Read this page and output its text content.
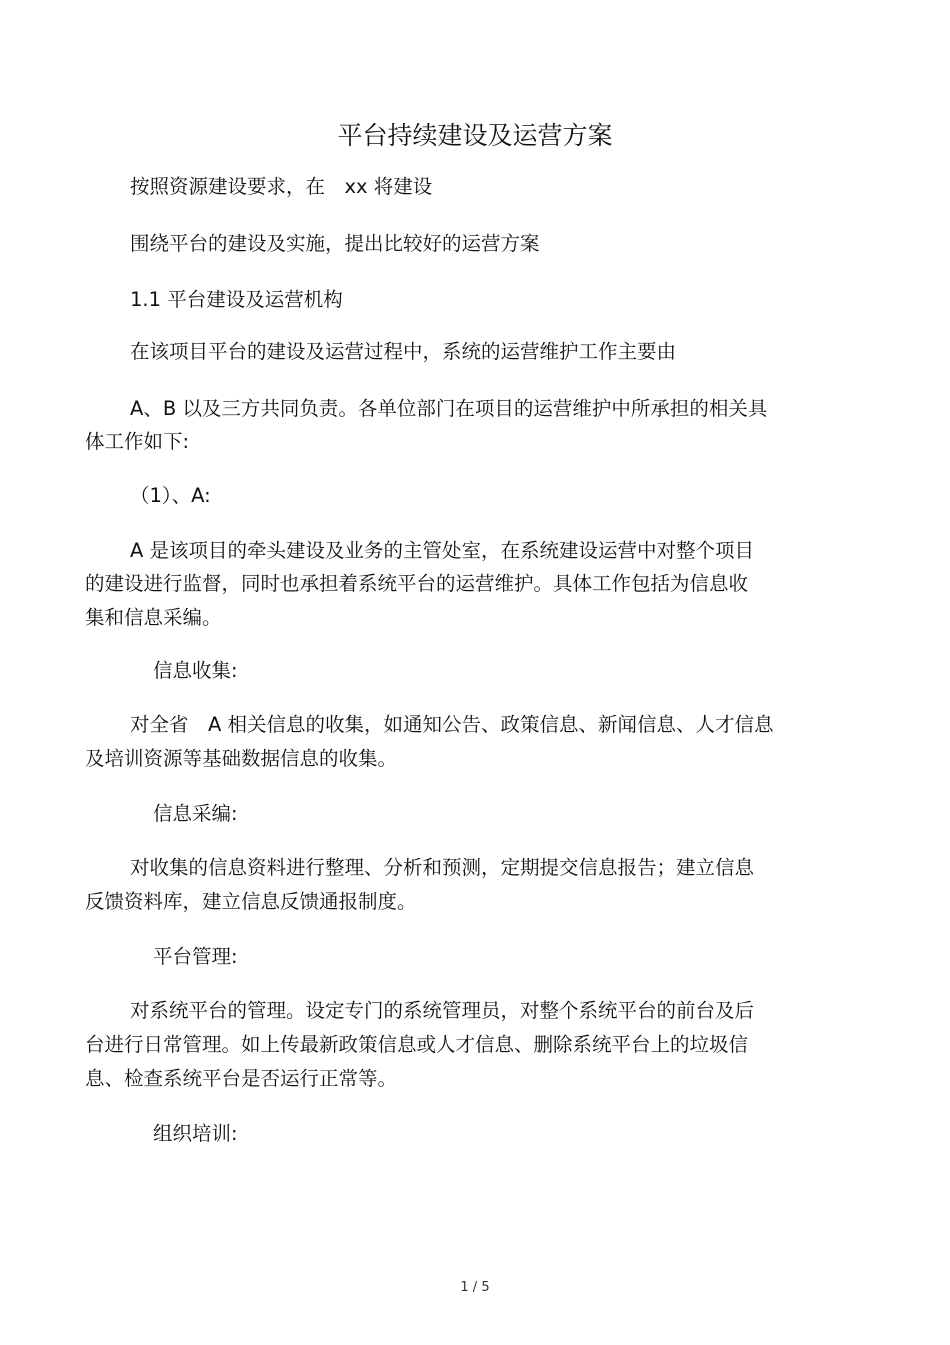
平台持续建设及运营方案

按照资源建设要求，在　xx 将建设

围绕平台的建设及实施，提出比较好的运营方案

1.1 平台建设及运营机构

在该项目平台的建设及运营过程中，系统的运营维护工作主要由

A、B 以及三方共同负责。各单位部门在项目的运营维护中所承担的相关具

体工作如下:

（1）、A:

A 是该项目的牵头建设及业务的主管处室，在系统建设运营中对整个项目

的建设进行监督，同时也承担着系统平台的运营维护。具体工作包括为信息收

集和信息采编。

信息收集:

对全省　A 相关信息的收集，如通知公告、政策信息、新闻信息、人才信息

及培训资源等基础数据信息的收集。

信息采编:

对收集的信息资料进行整理、分析和预测，定期提交信息报告；建立信息

反馈资料库，建立信息反馈通报制度。

平台管理:

对系统平台的管理。设定专门的系统管理员，对整个系统平台的前台及后

台进行日常管理。如上传最新政策信息或人才信息、删除系统平台上的垃圾信

息、检查系统平台是否运行正常等。

组织培训:

1 / 5
